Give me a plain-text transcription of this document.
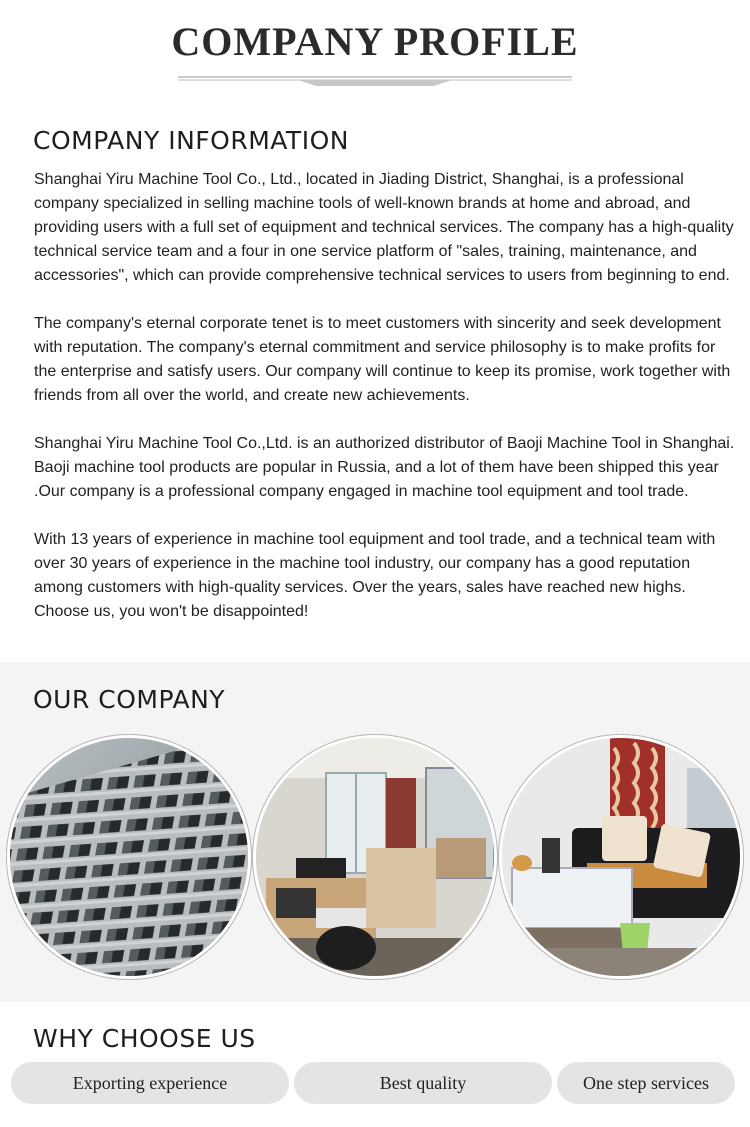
COMPANY PROFILE
COMPANY INFORMATION

Shanghai Yiru Machine Tool Co., Ltd., located in Jiading District, Shanghai, is a professional company specialized in selling machine tools of well-known brands at home and abroad, and providing users with a full set of equipment and technical services. The company has a high-quality technical service team and a four in one service platform of "sales, training, maintenance, and accessories", which can provide comprehensive technical services to users from beginning to end.

The company's eternal corporate tenet is to meet customers with sincerity and seek development with reputation. The company's eternal commitment and service philosophy is to make profits for the enterprise and satisfy users. Our company will continue to keep its promise, work together with friends from all over the world, and create new achievements.

Shanghai Yiru Machine Tool Co.,Ltd. is an authorized distributor of Baoji Machine Tool in Shanghai. Baoji machine tool products are popular in Russia, and a lot of them have been shipped this year .Our company is a professional company engaged in machine tool equipment and tool trade.

With 13 years of experience in machine tool equipment and tool trade, and a technical team with over 30 years of experience in the machine tool industry, our company has a good reputation among customers with high-quality services. Over the years, sales have reached new highs. Choose us, you won't be disappointed!

OUR COMPANY
WHY CHOOSE US
Exporting experience	Best quality	One step services
